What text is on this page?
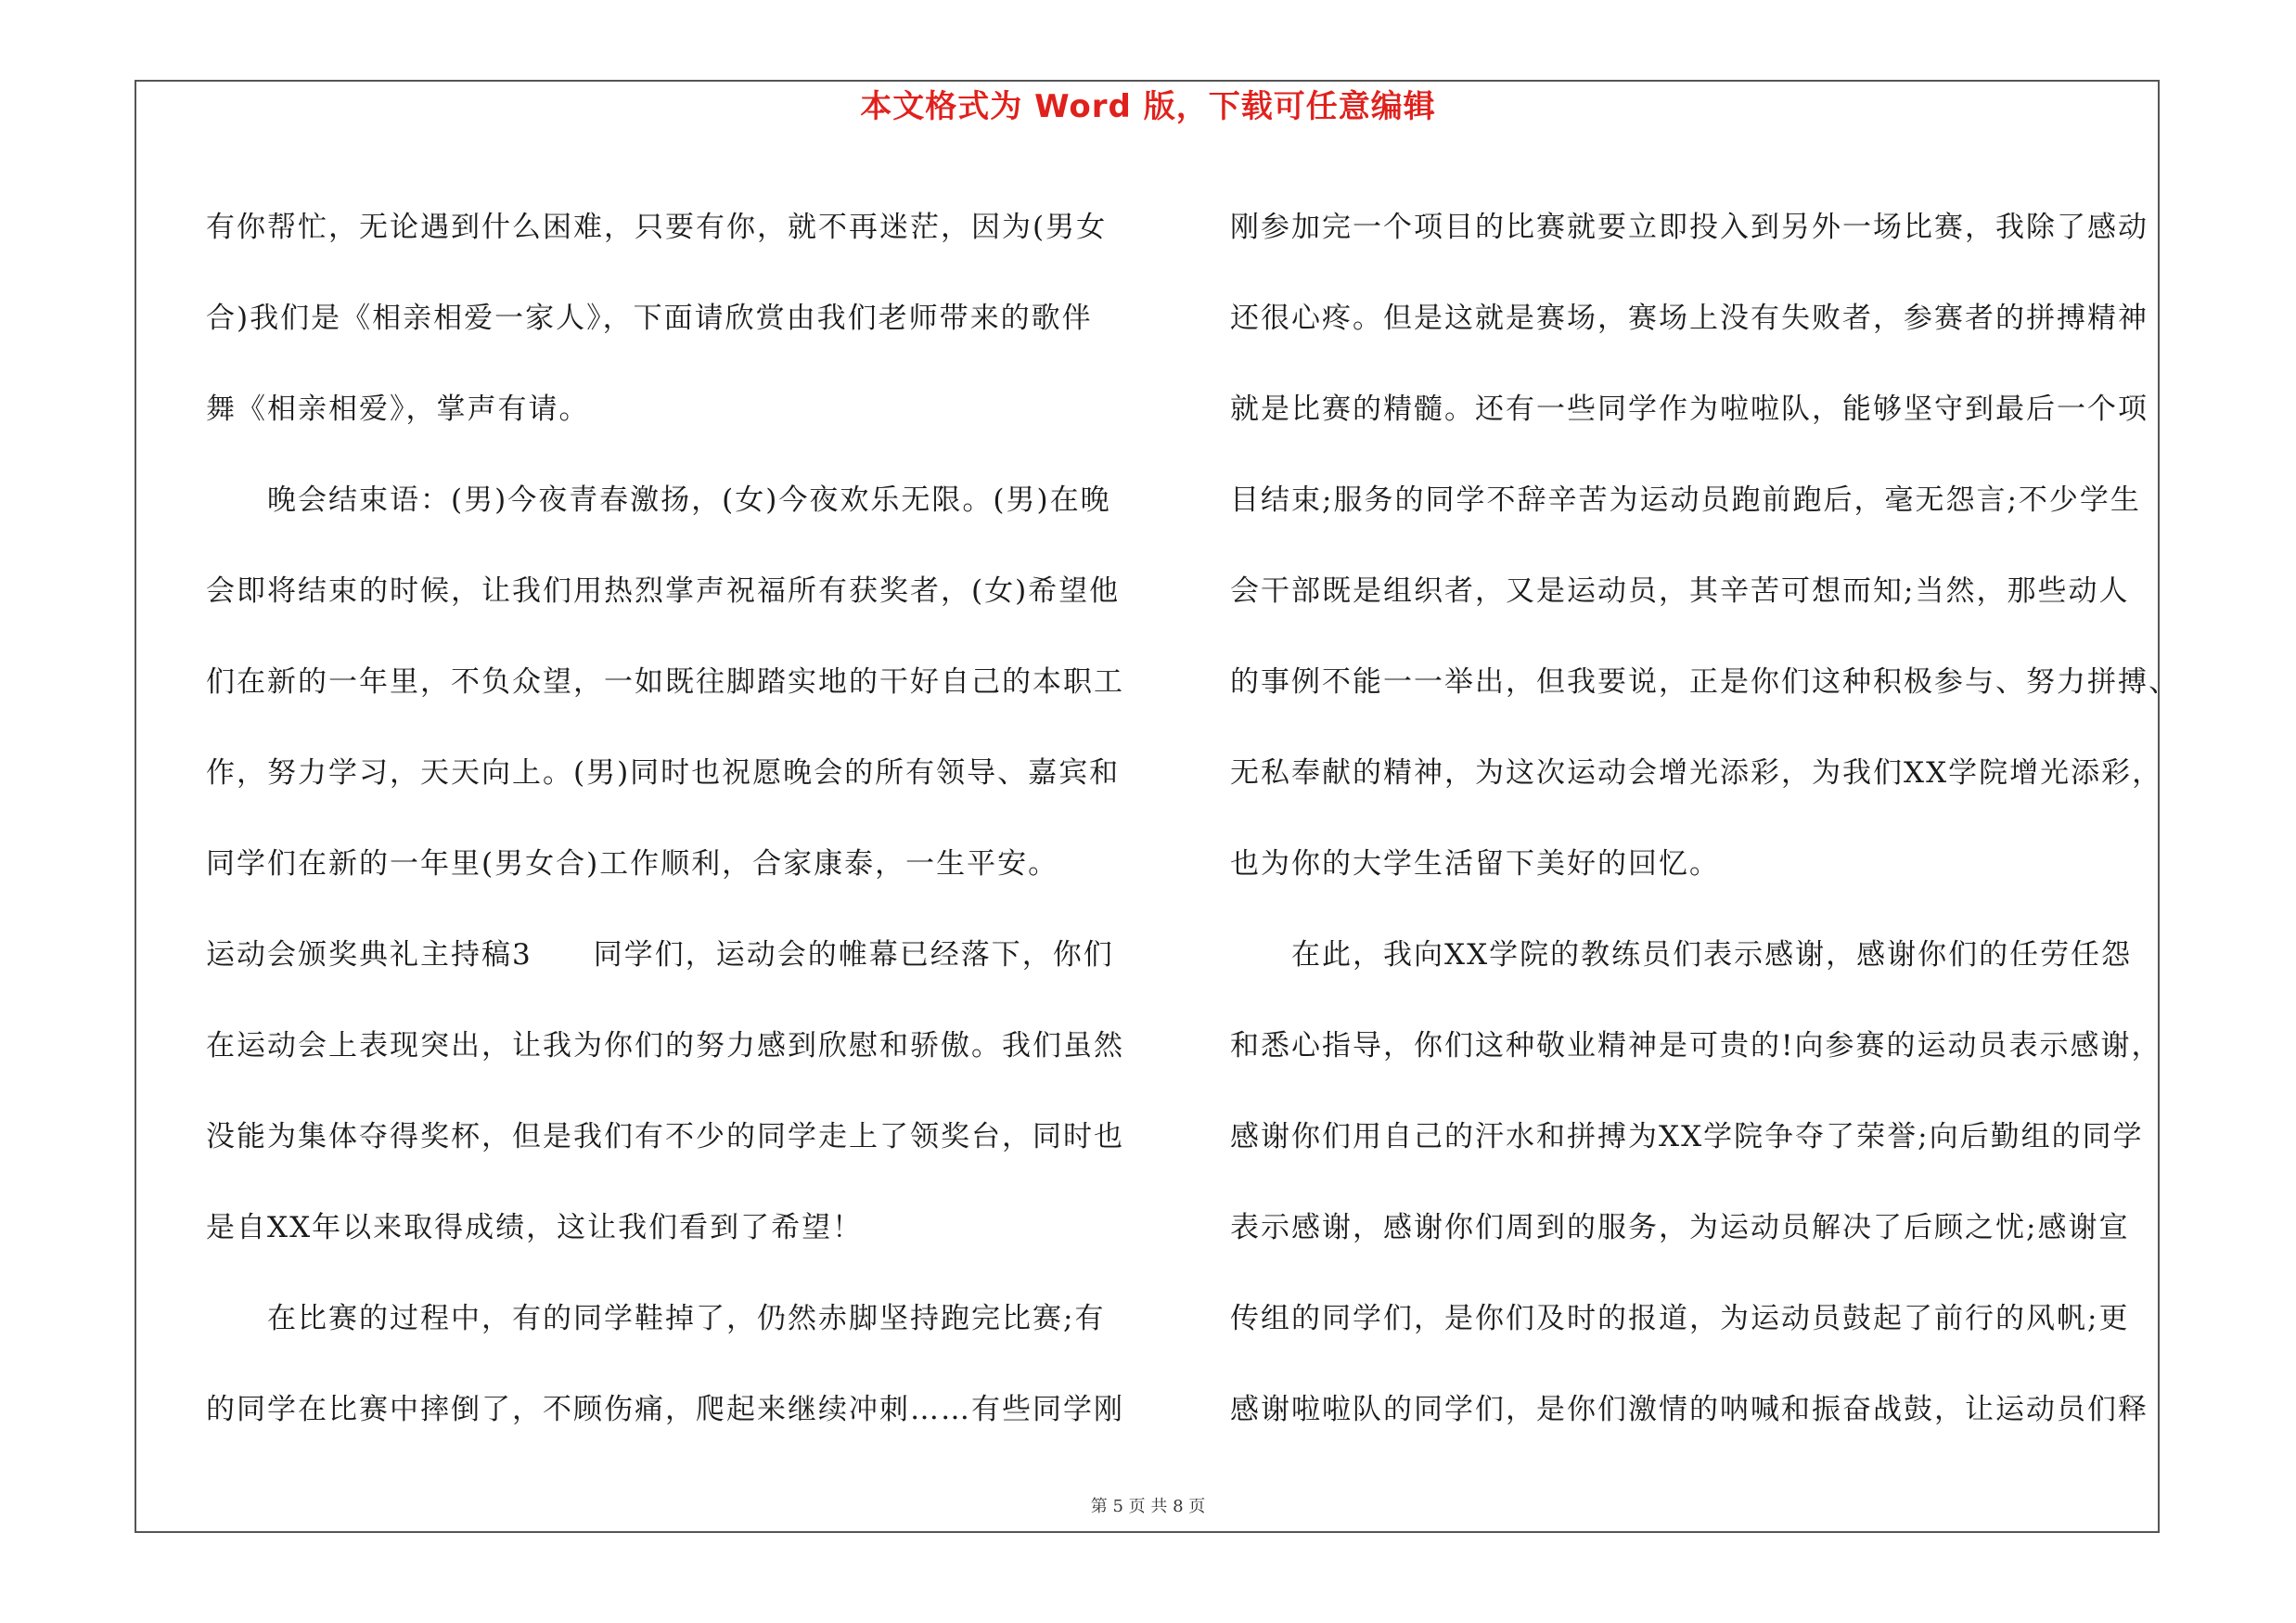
本文格式为 Word 版，下载可任意编辑
有你帮忙，无论遇到什么困难，只要有你，就不再迷茫，因为(男女
合)我们是《相亲相爱一家人》，下面请欣赏由我们老师带来的歌伴
舞《相亲相爱》，掌声有请。
晚会结束语：(男)今夜青春激扬，(女)今夜欢乐无限。(男)在晚
会即将结束的时候，让我们用热烈掌声祝福所有获奖者，(女)希望他
们在新的一年里，不负众望，一如既往脚踏实地的干好自己的本职工
作，努力学习，天天向上。(男)同时也祝愿晚会的所有领导、嘉宾和
同学们在新的一年里(男女合)工作顺利，合家康泰，一生平安。
运动会颁奖典礼主持稿3 同学们，运动会的帷幕已经落下，你们
在运动会上表现突出，让我为你们的努力感到欣慰和骄傲。我们虽然
没能为集体夺得奖杯，但是我们有不少的同学走上了领奖台，同时也
是自XX年以来取得成绩，这让我们看到了希望！
在比赛的过程中，有的同学鞋掉了，仍然赤脚坚持跑完比赛;有
的同学在比赛中摔倒了，不顾伤痛，爬起来继续冲刺……有些同学刚
刚参加完一个项目的比赛就要立即投入到另外一场比赛，我除了感动
还很心疼。但是这就是赛场，赛场上没有失败者，参赛者的拼搏精神
就是比赛的精髓。还有一些同学作为啦啦队，能够坚守到最后一个项
目结束;服务的同学不辞辛苦为运动员跑前跑后，毫无怨言;不少学生
会干部既是组织者，又是运动员，其辛苦可想而知;当然，那些动人
的事例不能一一举出，但我要说，正是你们这种积极参与、努力拼搏、
无私奉献的精神，为这次运动会增光添彩，为我们XX学院增光添彩，
也为你的大学生活留下美好的回忆。
在此，我向XX学院的教练员们表示感谢，感谢你们的任劳任怨
和悉心指导，你们这种敬业精神是可贵的!向参赛的运动员表示感谢，
感谢你们用自己的汗水和拼搏为XX学院争夺了荣誉;向后勤组的同学
表示感谢，感谢你们周到的服务，为运动员解决了后顾之忧;感谢宣
传组的同学们，是你们及时的报道，为运动员鼓起了前行的风帆;更
感谢啦啦队的同学们，是你们激情的呐喊和振奋战鼓，让运动员们释
第 5 页 共 8 页
